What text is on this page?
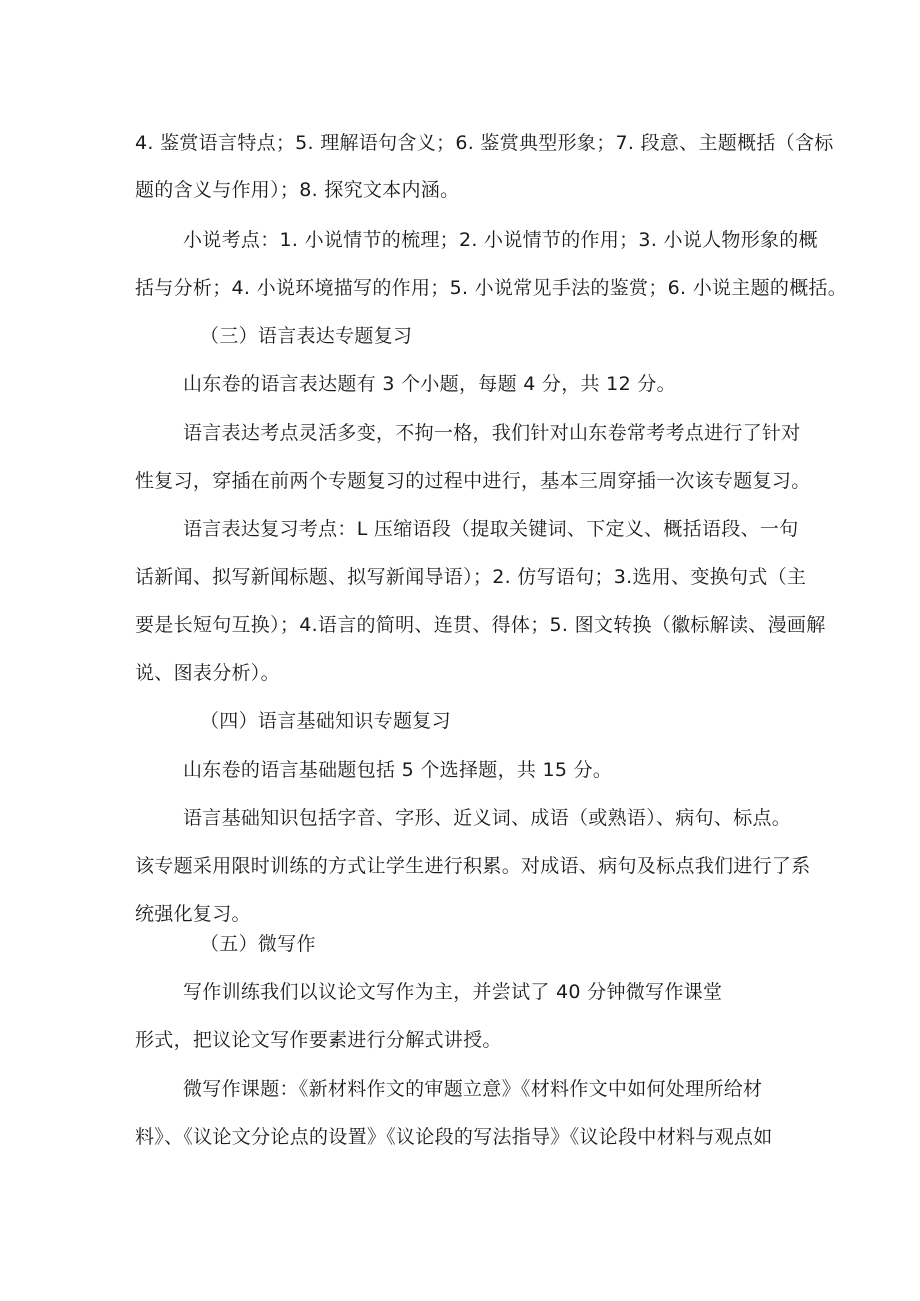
4. 鉴赏语言特点；5. 理解语句含义；6. 鉴赏典型形象；7. 段意、主题概括（含标
题的含义与作用）；8. 探究文本内涵。
小说考点：1. 小说情节的梳理；2. 小说情节的作用；3. 小说人物形象的概
括与分析；4. 小说环境描写的作用；5. 小说常见手法的鉴赏；6. 小说主题的概括。
（三）语言表达专题复习
山东卷的语言表达题有 3 个小题，每题 4 分，共 12 分。
语言表达考点灵活多变，不拘一格，我们针对山东卷常考考点进行了针对
性复习，穿插在前两个专题复习的过程中进行，基本三周穿插一次该专题复习。
语言表达复习考点：L 压缩语段（提取关键词、下定义、概括语段、一句
话新闻、拟写新闻标题、拟写新闻导语）；2. 仿写语句；3.选用、变换句式（主
要是长短句互换）；4.语言的简明、连贯、得体；5. 图文转换（徽标解读、漫画解
说、图表分析）。
（四）语言基础知识专题复习
山东卷的语言基础题包括 5 个选择题，共 15 分。
语言基础知识包括字音、字形、近义词、成语（或熟语）、病句、标点。
该专题采用限时训练的方式让学生进行积累。对成语、病句及标点我们进行了系
统强化复习。
（五）微写作
写作训练我们以议论文写作为主，并尝试了 40 分钟微写作课堂
形式，把议论文写作要素进行分解式讲授。
微写作课题：《新材料作文的审题立意》《材料作文中如何处理所给材
料》、《议论文分论点的设置》《议论段的写法指导》《议论段中材料与观点如
